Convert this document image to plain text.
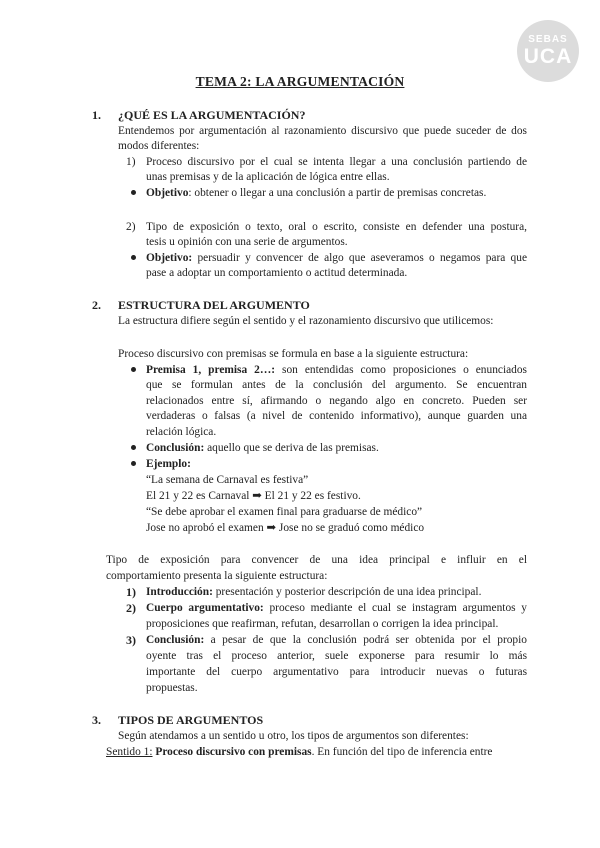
SEBAS
UCA
TEMA 2: LA ARGUMENTACIÓN
1. ¿QUÉ ES LA ARGUMENTACIÓN?
Entendemos por argumentación al razonamiento discursivo que puede suceder de dos
modos diferentes:
1) Proceso discursivo por el cual se intenta llegar a una conclusión partiendo de
unas premisas y de la aplicación de lógica entre ellas.
Objetivo: obtener o llegar a una conclusión a partir de premisas concretas.
2) Tipo de exposición o texto, oral o escrito, consiste en defender una postura,
tesis u opinión con una serie de argumentos.
Objetivo: persuadir y convencer de algo que aseveramos o negamos para que
pase a adoptar un comportamiento o actitud determinada.
2. ESTRUCTURA DEL ARGUMENTO
La estructura difiere según el sentido y el razonamiento discursivo que utilicemos:
Proceso discursivo con premisas se formula en base a la siguiente estructura:
Premisa 1, premisa 2…: son entendidas como proposiciones o enunciados
que se formulan antes de la conclusión del argumento. Se encuentran
relacionados entre sí, afirmando o negando algo en concreto. Pueden ser
verdaderas o falsas (a nivel de contenido informativo), aunque guarden una
relación lógica.
Conclusión: aquello que se deriva de las premisas.
Ejemplo:
“La semana de Carnaval es festiva”
El 21 y 22 es Carnaval ➡ El 21 y 22 es festivo.
“Se debe aprobar el examen final para graduarse de médico”
Jose no aprobó el examen ➡ Jose no se graduó como médico
Tipo de exposición para convencer de una idea principal e influir en el
comportamiento presenta la siguiente estructura:
1) Introducción: presentación y posterior descripción de una idea principal.
2) Cuerpo argumentativo: proceso mediante el cual se instagram argumentos y
proposiciones que reafirman, refutan, desarrollan o corrigen la idea principal.
3) Conclusión: a pesar de que la conclusión podrá ser obtenida por el propio
oyente tras el proceso anterior, suele exponerse para resumir lo más
importante del cuerpo argumentativo para introducir nuevas o futuras
propuestas.
3. TIPOS DE ARGUMENTOS
Según atendamos a un sentido u otro, los tipos de argumentos son diferentes:
Sentido 1: Proceso discursivo con premisas. En función del tipo de inferencia entre
